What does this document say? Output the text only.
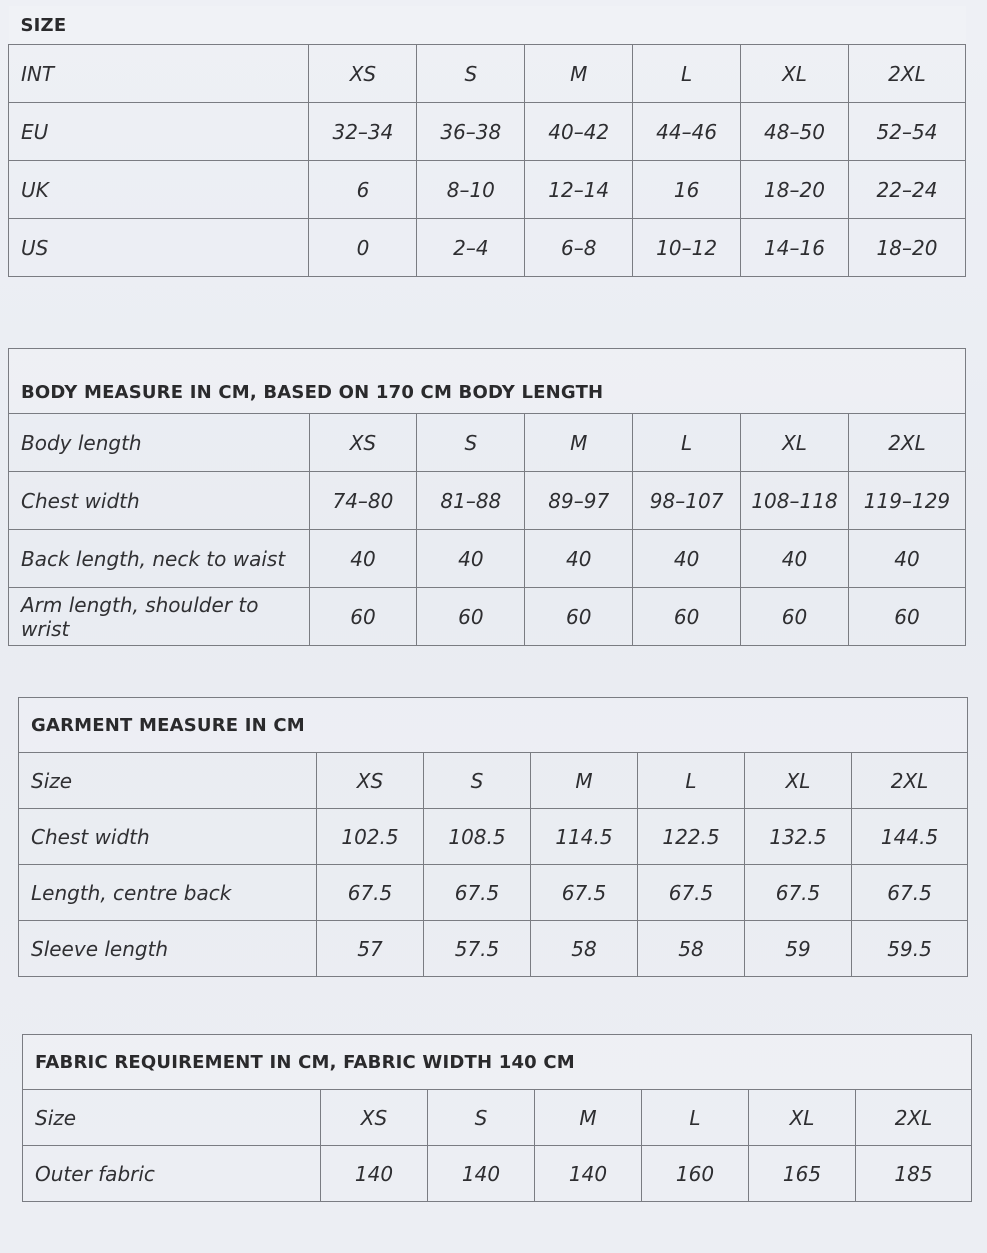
SIZE						
INT	XS	S	M	L	XL	2XL
EU	32–34	36–38	40–42	44–46	48–50	52–54
UK	6	8–10	12–14	16	18–20	22–24
US	0	2–4	6–8	10–12	14–16	18–20
BODY MEASURE IN CM, BASED ON 170 CM BODY LENGTH						
Body length	XS	S	M	L	XL	2XL
Chest width	74–80	81–88	89–97	98–107	108–118	119–129
Back length, neck to waist	40	40	40	40	40	40
Arm length, shoulder to wrist	60	60	60	60	60	60
GARMENT MEASURE IN CM						
Size	XS	S	M	L	XL	2XL
Chest width	102.5	108.5	114.5	122.5	132.5	144.5
Length, centre back	67.5	67.5	67.5	67.5	67.5	67.5
Sleeve length	57	57.5	58	58	59	59.5
FABRIC REQUIREMENT IN CM, FABRIC WIDTH 140 CM						
Size	XS	S	M	L	XL	2XL
Outer fabric	140	140	140	160	165	185
